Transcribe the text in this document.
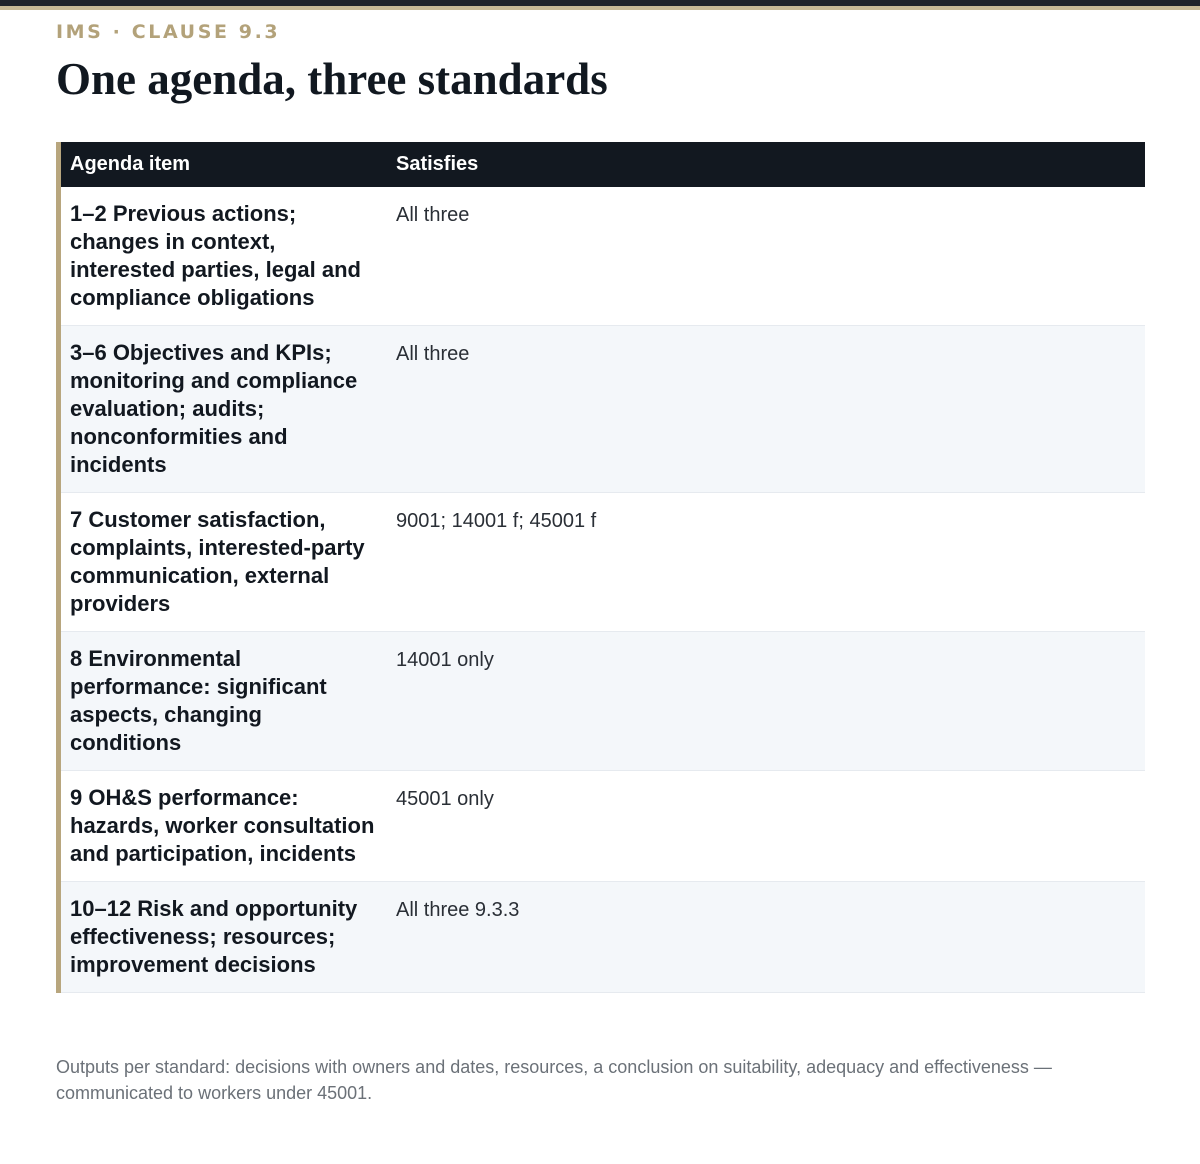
IMS · CLAUSE 9.3
One agenda, three standards
Agenda item	Satisfies
1–2 Previous actions; changes in context, interested parties, legal and compliance obligations	All three
3–6 Objectives and KPIs; monitoring and compliance evaluation; audits; nonconformities and incidents	All three
7 Customer satisfaction, complaints, interested-party communication, external providers	9001; 14001 f; 45001 f
8 Environmental performance: significant aspects, changing conditions	14001 only
9 OH&S performance: hazards, worker consultation and participation, incidents	45001 only
10–12 Risk and opportunity effectiveness; resources; improvement decisions	All three 9.3.3

Outputs per standard: decisions with owners and dates, resources, a conclusion on suitability, adequacy and effectiveness — communicated to workers under 45001.
